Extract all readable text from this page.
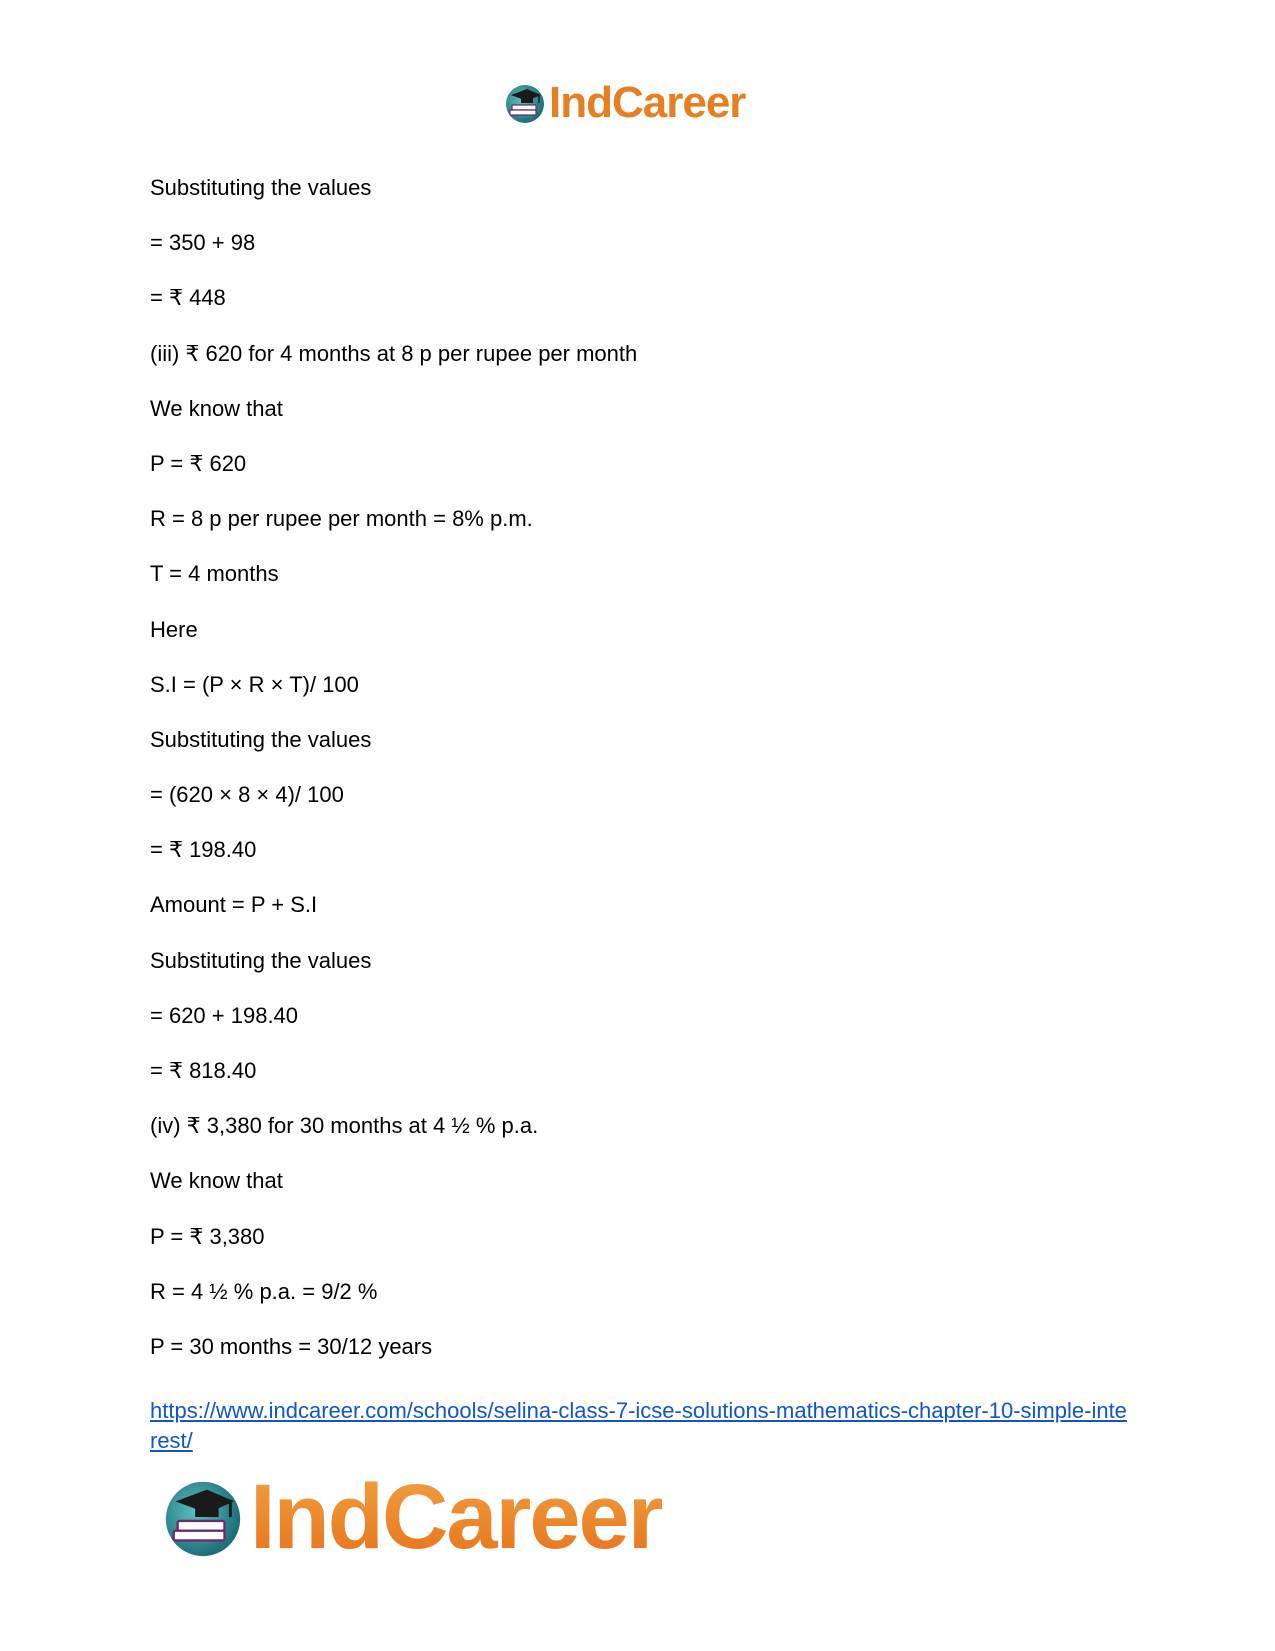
IndCareer
Substituting the values
= 350 + 98
= ₹ 448
(iii) ₹ 620 for 4 months at 8 p per rupee per month
We know that
P = ₹ 620
R = 8 p per rupee per month = 8% p.m.
T = 4 months
Here
S.I = (P × R × T)/ 100
Substituting the values
= (620 × 8 × 4)/ 100
= ₹ 198.40
Amount = P + S.I
Substituting the values
= 620 + 198.40
= ₹ 818.40
(iv) ₹ 3,380 for 30 months at 4 ½ % p.a.
We know that
P = ₹ 3,380
R = 4 ½ % p.a. = 9/2 %
P = 30 months = 30/12 years
https://www.indcareer.com/schools/selina-class-7-icse-solutions-mathematics-chapter-10-simple-interest/
IndCareer
